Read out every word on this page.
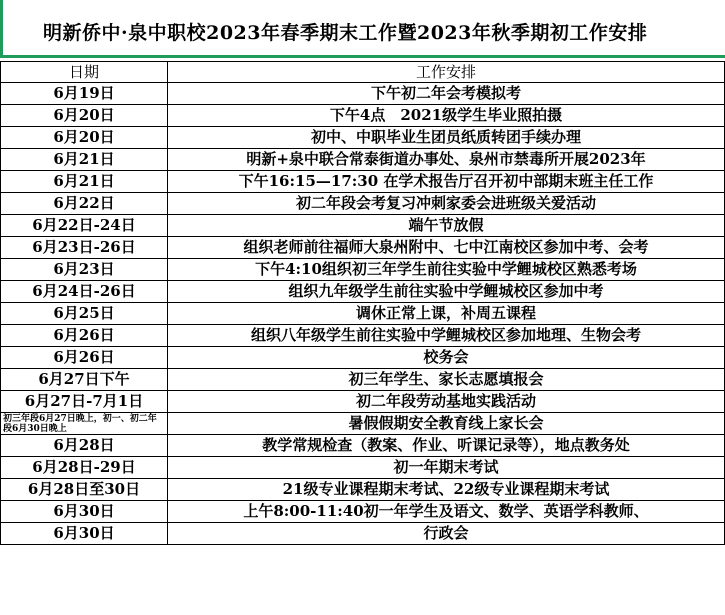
明新侨中·泉中职校2023年春季期末工作暨2023年秋季期初工作安排
日期	工作安排
6月19日	下午初二年会考模拟考
6月20日	下午4点　2021级学生毕业照拍摄
6月20日	初中、中职毕业生团员纸质转团手续办理
6月21日	明新+泉中联合常泰街道办事处、泉州市禁毒所开展2023年
6月21日	下午16:15—17:30 在学术报告厅召开初中部期末班主任工作
6月22日	初二年段会考复习冲刺家委会进班级关爱活动
6月22日-24日	端午节放假
6月23日-26日	组织老师前往福师大泉州附中、七中江南校区参加中考、会考
6月23日	下午4:10组织初三年学生前往实验中学鲤城校区熟悉考场
6月24日-26日	组织九年级学生前往实验中学鲤城校区参加中考
6月25日	调休正常上课，补周五课程
6月26日	组织八年级学生前往实验中学鲤城校区参加地理、生物会考
6月26日	校务会
6月27日下午	初三年学生、家长志愿填报会
6月27日-7月1日	初二年段劳动基地实践活动
初三年段6月27日晚上，初一、初二年段6月30日晚上	暑假假期安全教育线上家长会
6月28日	教学常规检查（教案、作业、听课记录等），地点教务处
6月28日-29日	初一年期末考试
6月28日至30日	21级专业课程期末考试、22级专业课程期末考试
6月30日	上午8:00-11:40初一年学生及语文、数学、英语学科教师、
6月30日	行政会
